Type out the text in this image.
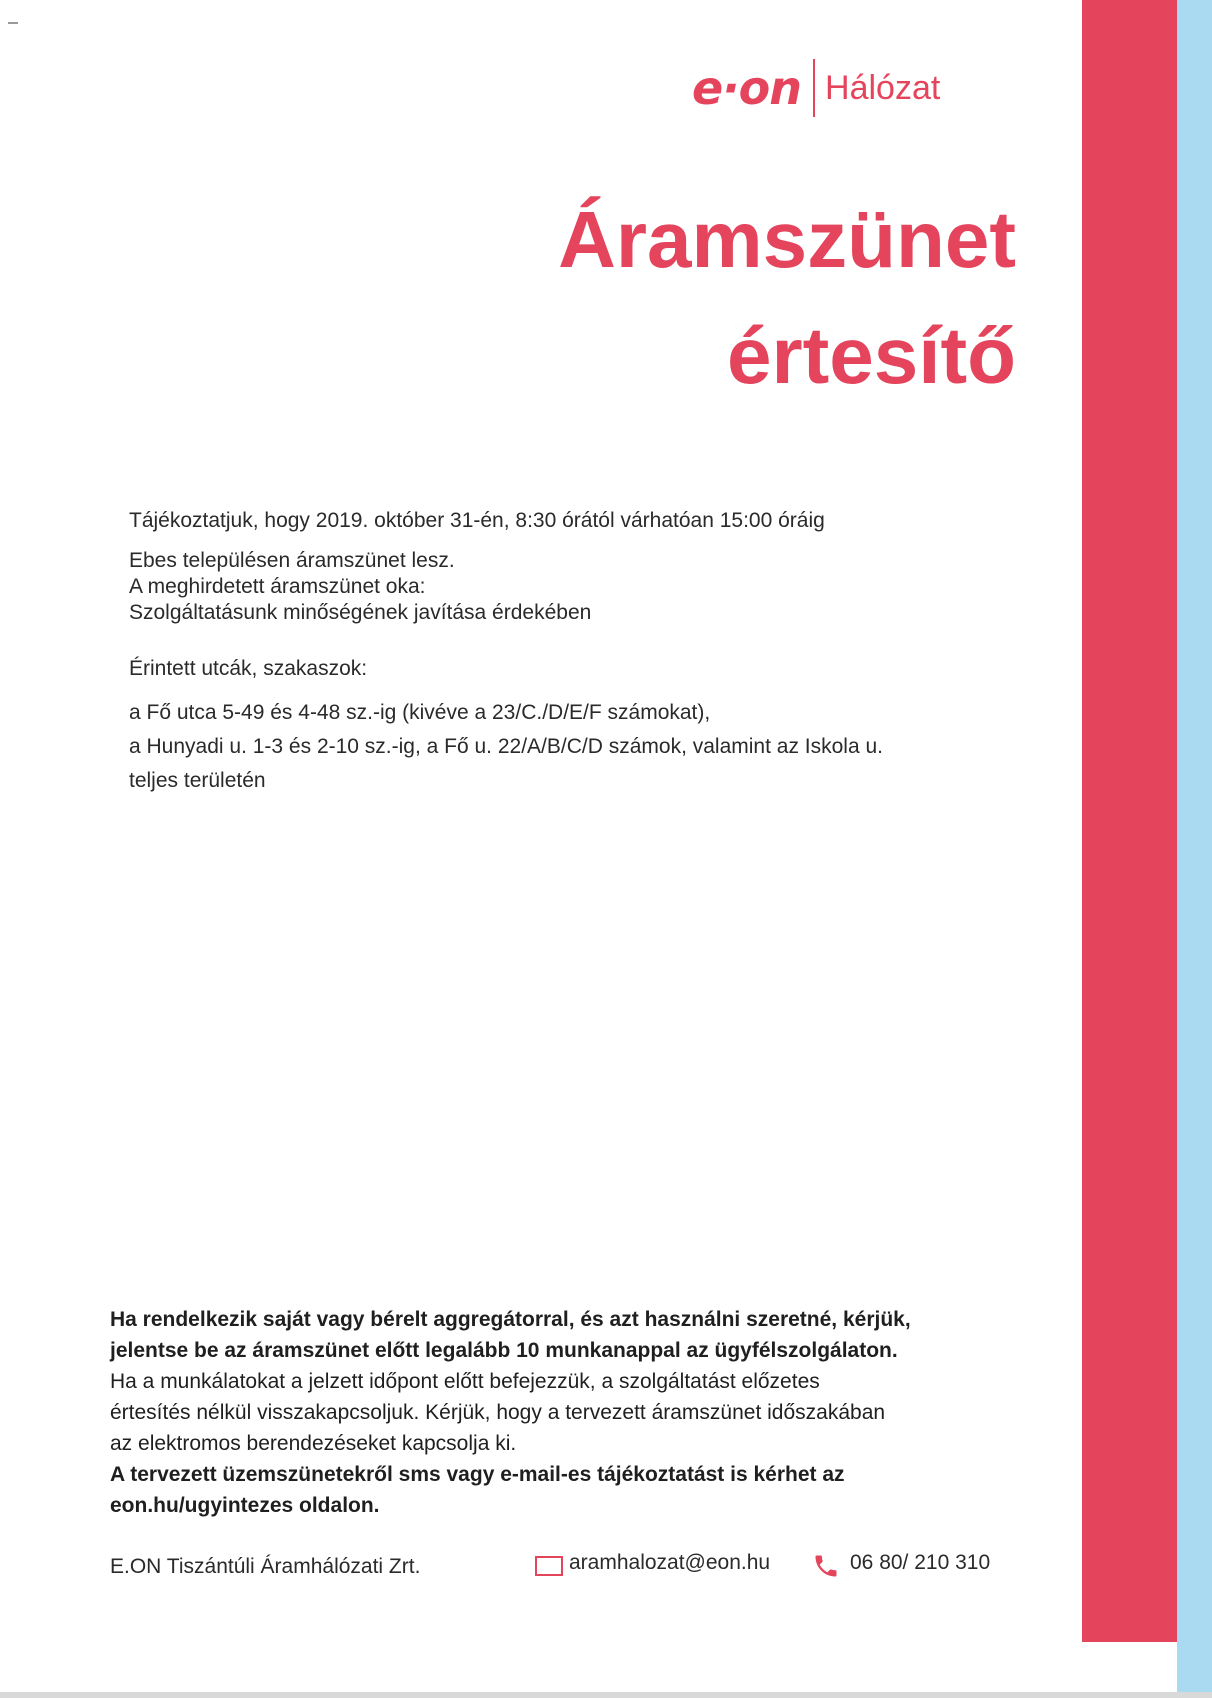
e·on Hálózat
Áramszünet
értesítő
Tájékoztatjuk, hogy 2019. október 31-én, 8:30 órától várhatóan 15:00 óráig
Ebes településen áramszünet lesz.
A meghirdetett áramszünet oka:
Szolgáltatásunk minőségének javítása érdekében
Érintett utcák, szakaszok:
a Fő utca 5-49 és 4-48 sz.-ig (kivéve a 23/C./D/E/F számokat),
a Hunyadi u. 1-3 és 2-10 sz.-ig, a Fő u. 22/A/B/C/D számok, valamint az Iskola u.
teljes területén
Ha rendelkezik saját vagy bérelt aggregátorral, és azt használni szeretné, kérjük,
jelentse be az áramszünet előtt legalább 10 munkanappal az ügyfélszolgálaton.
Ha a munkálatokat a jelzett időpont előtt befejezzük, a szolgáltatást előzetes
értesítés nélkül visszakapcsoljuk. Kérjük, hogy a tervezett áramszünet időszakában
az elektromos berendezéseket kapcsolja ki.
A tervezett üzemszünetekről sms vagy e-mail-es tájékoztatást is kérhet az
eon.hu/ugyintezes oldalon.
E.ON Tiszántúli Áramhálózati Zrt.	aramhalozat@eon.hu	06 80/ 210 310
